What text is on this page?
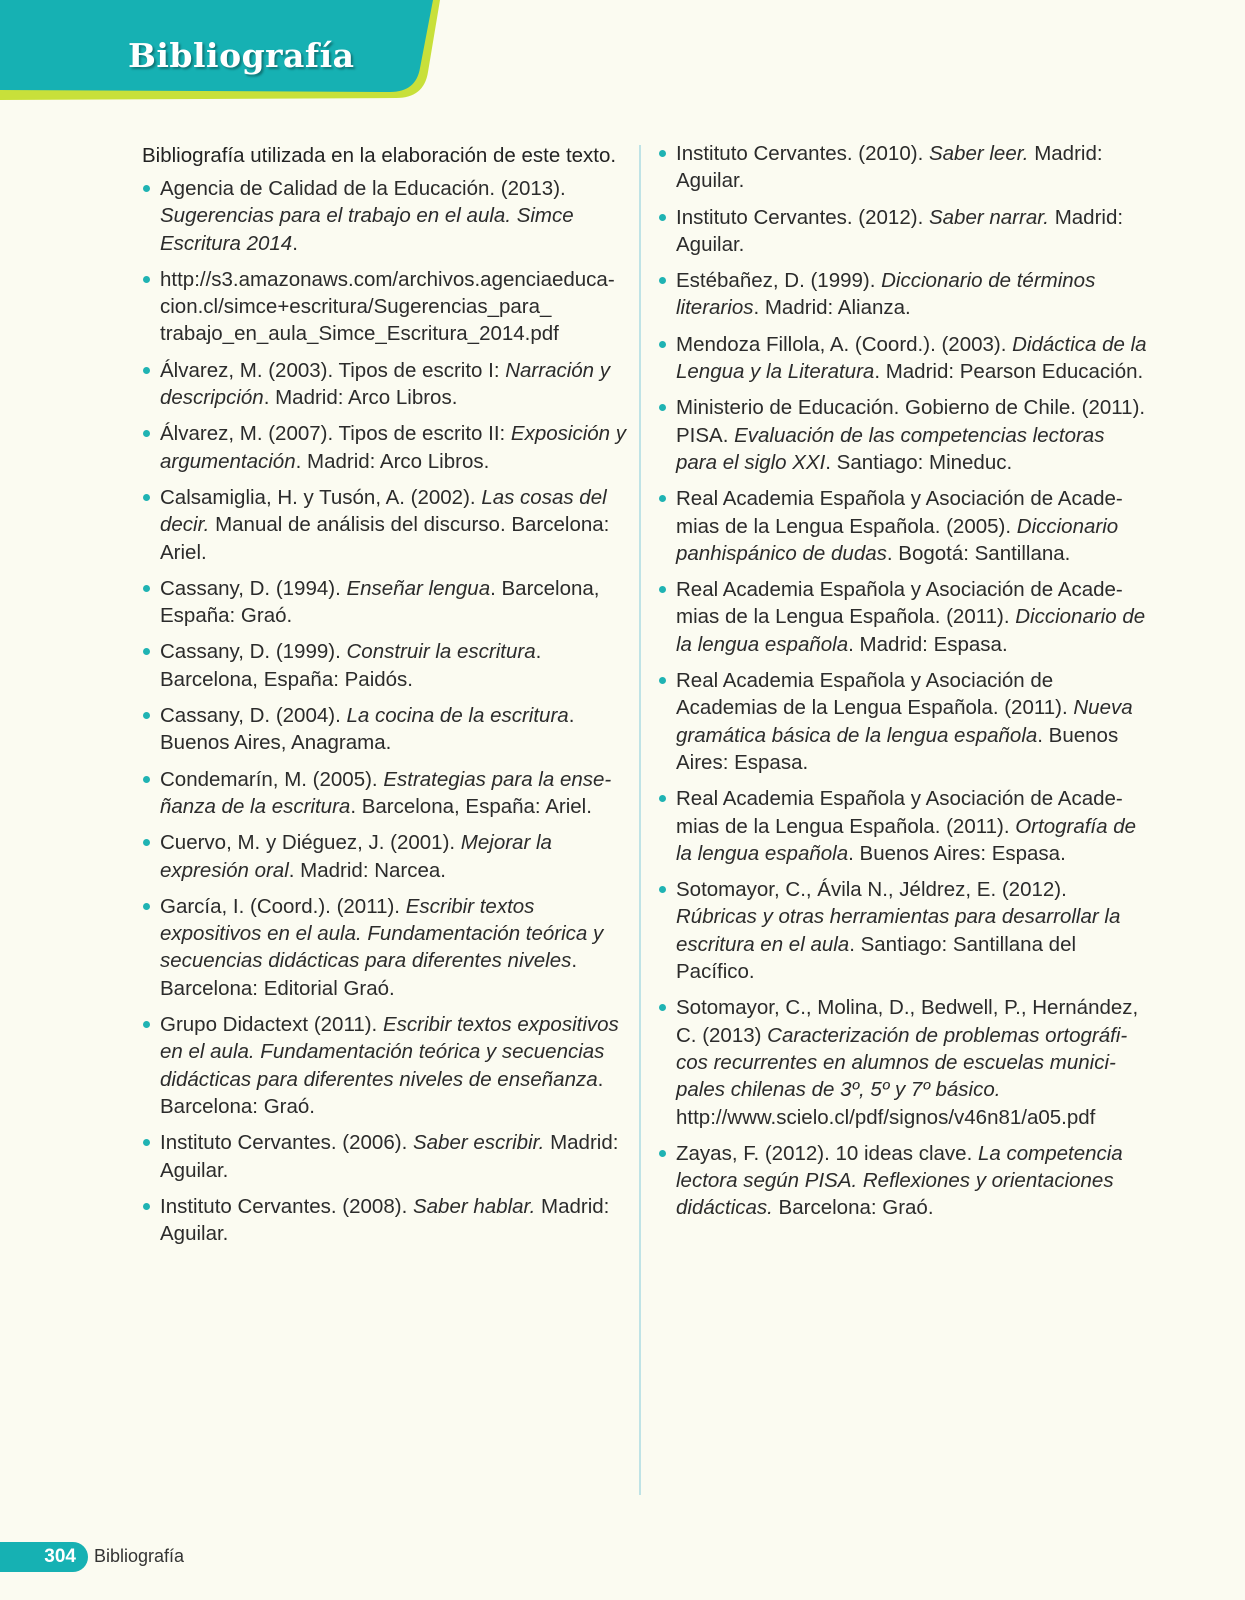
Bibliografía
Bibliografía utilizada en la elaboración de este texto.
Agencia de Calidad de la Educación. (2013). Sugerencias para el trabajo en el aula. Simce Escritura 2014.
http://s3.amazonaws.com/archivos.agenciaeduca-cion.cl/simce+escritura/Sugerencias_para_ trabajo_en_aula_Simce_Escritura_2014.pdf
Álvarez, M. (2003). Tipos de escrito I: Narración y descripción. Madrid: Arco Libros.
Álvarez, M. (2007). Tipos de escrito II: Exposición y argumentación. Madrid: Arco Libros.
Calsamiglia, H. y Tusón, A. (2002). Las cosas del decir. Manual de análisis del discurso. Barcelona: Ariel.
Cassany, D. (1994). Enseñar lengua. Barcelona, España: Graó.
Cassany, D. (1999). Construir la escritura. Barcelona, España: Paidós.
Cassany, D. (2004). La cocina de la escritura. Buenos Aires, Anagrama.
Condemarín, M. (2005). Estrategias para la ense-ñanza de la escritura. Barcelona, España: Ariel.
Cuervo, M. y Diéguez, J. (2001). Mejorar la expresión oral. Madrid: Narcea.
García, I. (Coord.). (2011). Escribir textos expositivos en el aula. Fundamentación teórica y secuencias didácticas para diferentes niveles. Barcelona: Editorial Graó.
Grupo Didactext (2011). Escribir textos expositivos en el aula. Fundamentación teórica y secuencias didácticas para diferentes niveles de enseñanza. Barcelona: Graó.
Instituto Cervantes. (2006). Saber escribir. Madrid: Aguilar.
Instituto Cervantes. (2008). Saber hablar. Madrid: Aguilar.
Instituto Cervantes. (2010). Saber leer. Madrid: Aguilar.
Instituto Cervantes. (2012). Saber narrar. Madrid: Aguilar.
Estébañez, D. (1999). Diccionario de términos literarios. Madrid: Alianza.
Mendoza Fillola, A. (Coord.). (2003). Didáctica de la Lengua y la Literatura. Madrid: Pearson Educación.
Ministerio de Educación. Gobierno de Chile. (2011). PISA. Evaluación de las competencias lectoras para el siglo XXI. Santiago: Mineduc.
Real Academia Española y Asociación de Acade-mias de la Lengua Española. (2005). Diccionario panhispánico de dudas. Bogotá: Santillana.
Real Academia Española y Asociación de Acade-mias de la Lengua Española. (2011). Diccionario de la lengua española. Madrid: Espasa.
Real Academia Española y Asociación de Academias de la Lengua Española. (2011). Nueva gramática básica de la lengua española. Buenos Aires: Espasa.
Real Academia Española y Asociación de Acade-mias de la Lengua Española. (2011). Ortografía de la lengua española. Buenos Aires: Espasa.
Sotomayor, C., Ávila N., Jéldrez, E. (2012). Rúbricas y otras herramientas para desarrollar la escritura en el aula. Santiago: Santillana del Pacífico.
Sotomayor, C., Molina, D., Bedwell, P., Hernández, C. (2013) Caracterización de problemas ortográfi-cos recurrentes en alumnos de escuelas munici-pales chilenas de 3º, 5º y 7º básico. http://www.scielo.cl/pdf/signos/v46n81/a05.pdf
Zayas, F. (2012). 10 ideas clave. La competencia lectora según PISA. Reflexiones y orientaciones didácticas. Barcelona: Graó.
304	Bibliografía
